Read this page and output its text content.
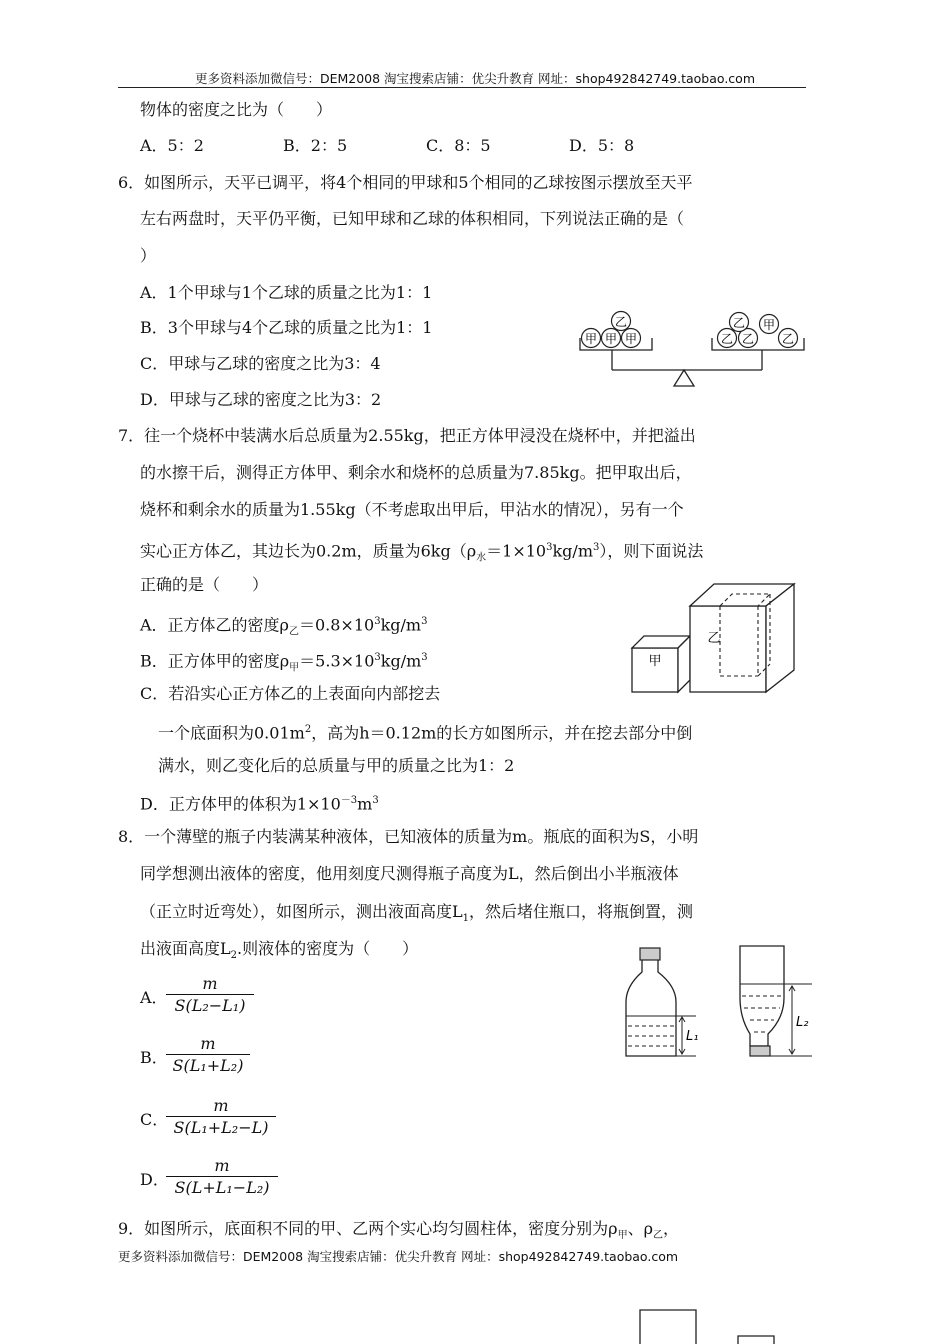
更多资料添加微信号：DEM2008 淘宝搜索店铺：优尖升教育 网址：shop492842749.taobao.com
物体的密度之比为（　　）
A．5：2	B．2：5	C．8：5	D．5：8
6．如图所示，天平已调平，将4个相同的甲球和5个相同的乙球按图示摆放至天平
左右两盘时，天平仍平衡，已知甲球和乙球的体积相同，下列说法正确的是（
）
A．1个甲球与1个乙球的质量之比为1：1
B．3个甲球与4个乙球的质量之比为1：1
C．甲球与乙球的密度之比为3：4
D．甲球与乙球的密度之比为3：2
甲 甲 甲
乙
乙 乙 乙
乙 甲
7．往一个烧杯中装满水后总质量为2.55kg，把正方体甲浸没在烧杯中，并把溢出
的水擦干后，测得正方体甲、剩余水和烧杯的总质量为7.85kg。把甲取出后，
烧杯和剩余水的质量为1.55kg（不考虑取出甲后，甲沾水的情况），另有一个
实心正方体乙，其边长为0.2m，质量为$6kg(\rho_水=1\times 10^3kg/m^3)$，则下面说法
正确的是（　　）
A．正方体乙的密度$\rho_乙=0.8\times 10^3kg/m^3$
B．正方体甲的密度$\rho_甲=5.3\times 10^3kg/m^3$
C．若沿实心正方体乙的上表面向内部挖去
一个底面积为$0.01m^2$，高为h＝0.12m的长方如图所示，并在挖去部分中倒
满水，则乙变化后的总质量与甲的质量之比为1：2
D．正方体甲的体积为$1\times 10^{-3}m^3$
甲
乙
8．一个薄壁的瓶子内装满某种液体，已知液体的质量为m。瓶底的面积为S，小明
同学想测出液体的密度，他用刻度尺测得瓶子高度为L，然后倒出小半瓶液体
（正立时近弯处），如图所示，测出液面高度$L_1$，然后堵住瓶口，将瓶倒置，测
出液面高度$L_2$.则液体的密度为（　　）
A．
m
S(L₂−L₁)
B．
m
S(L₁+L₂)
C．
m
S(L₁+L₂−L)
D．
m
S(L+L₁−L₂)
L₁
L₂
9．如图所示，底面积不同的甲、乙两个实心均匀圆柱体，密度分别为$\rho_甲$、$\rho_乙$，
更多资料添加微信号：DEM2008 淘宝搜索店铺：优尖升教育 网址：shop492842749.taobao.com
